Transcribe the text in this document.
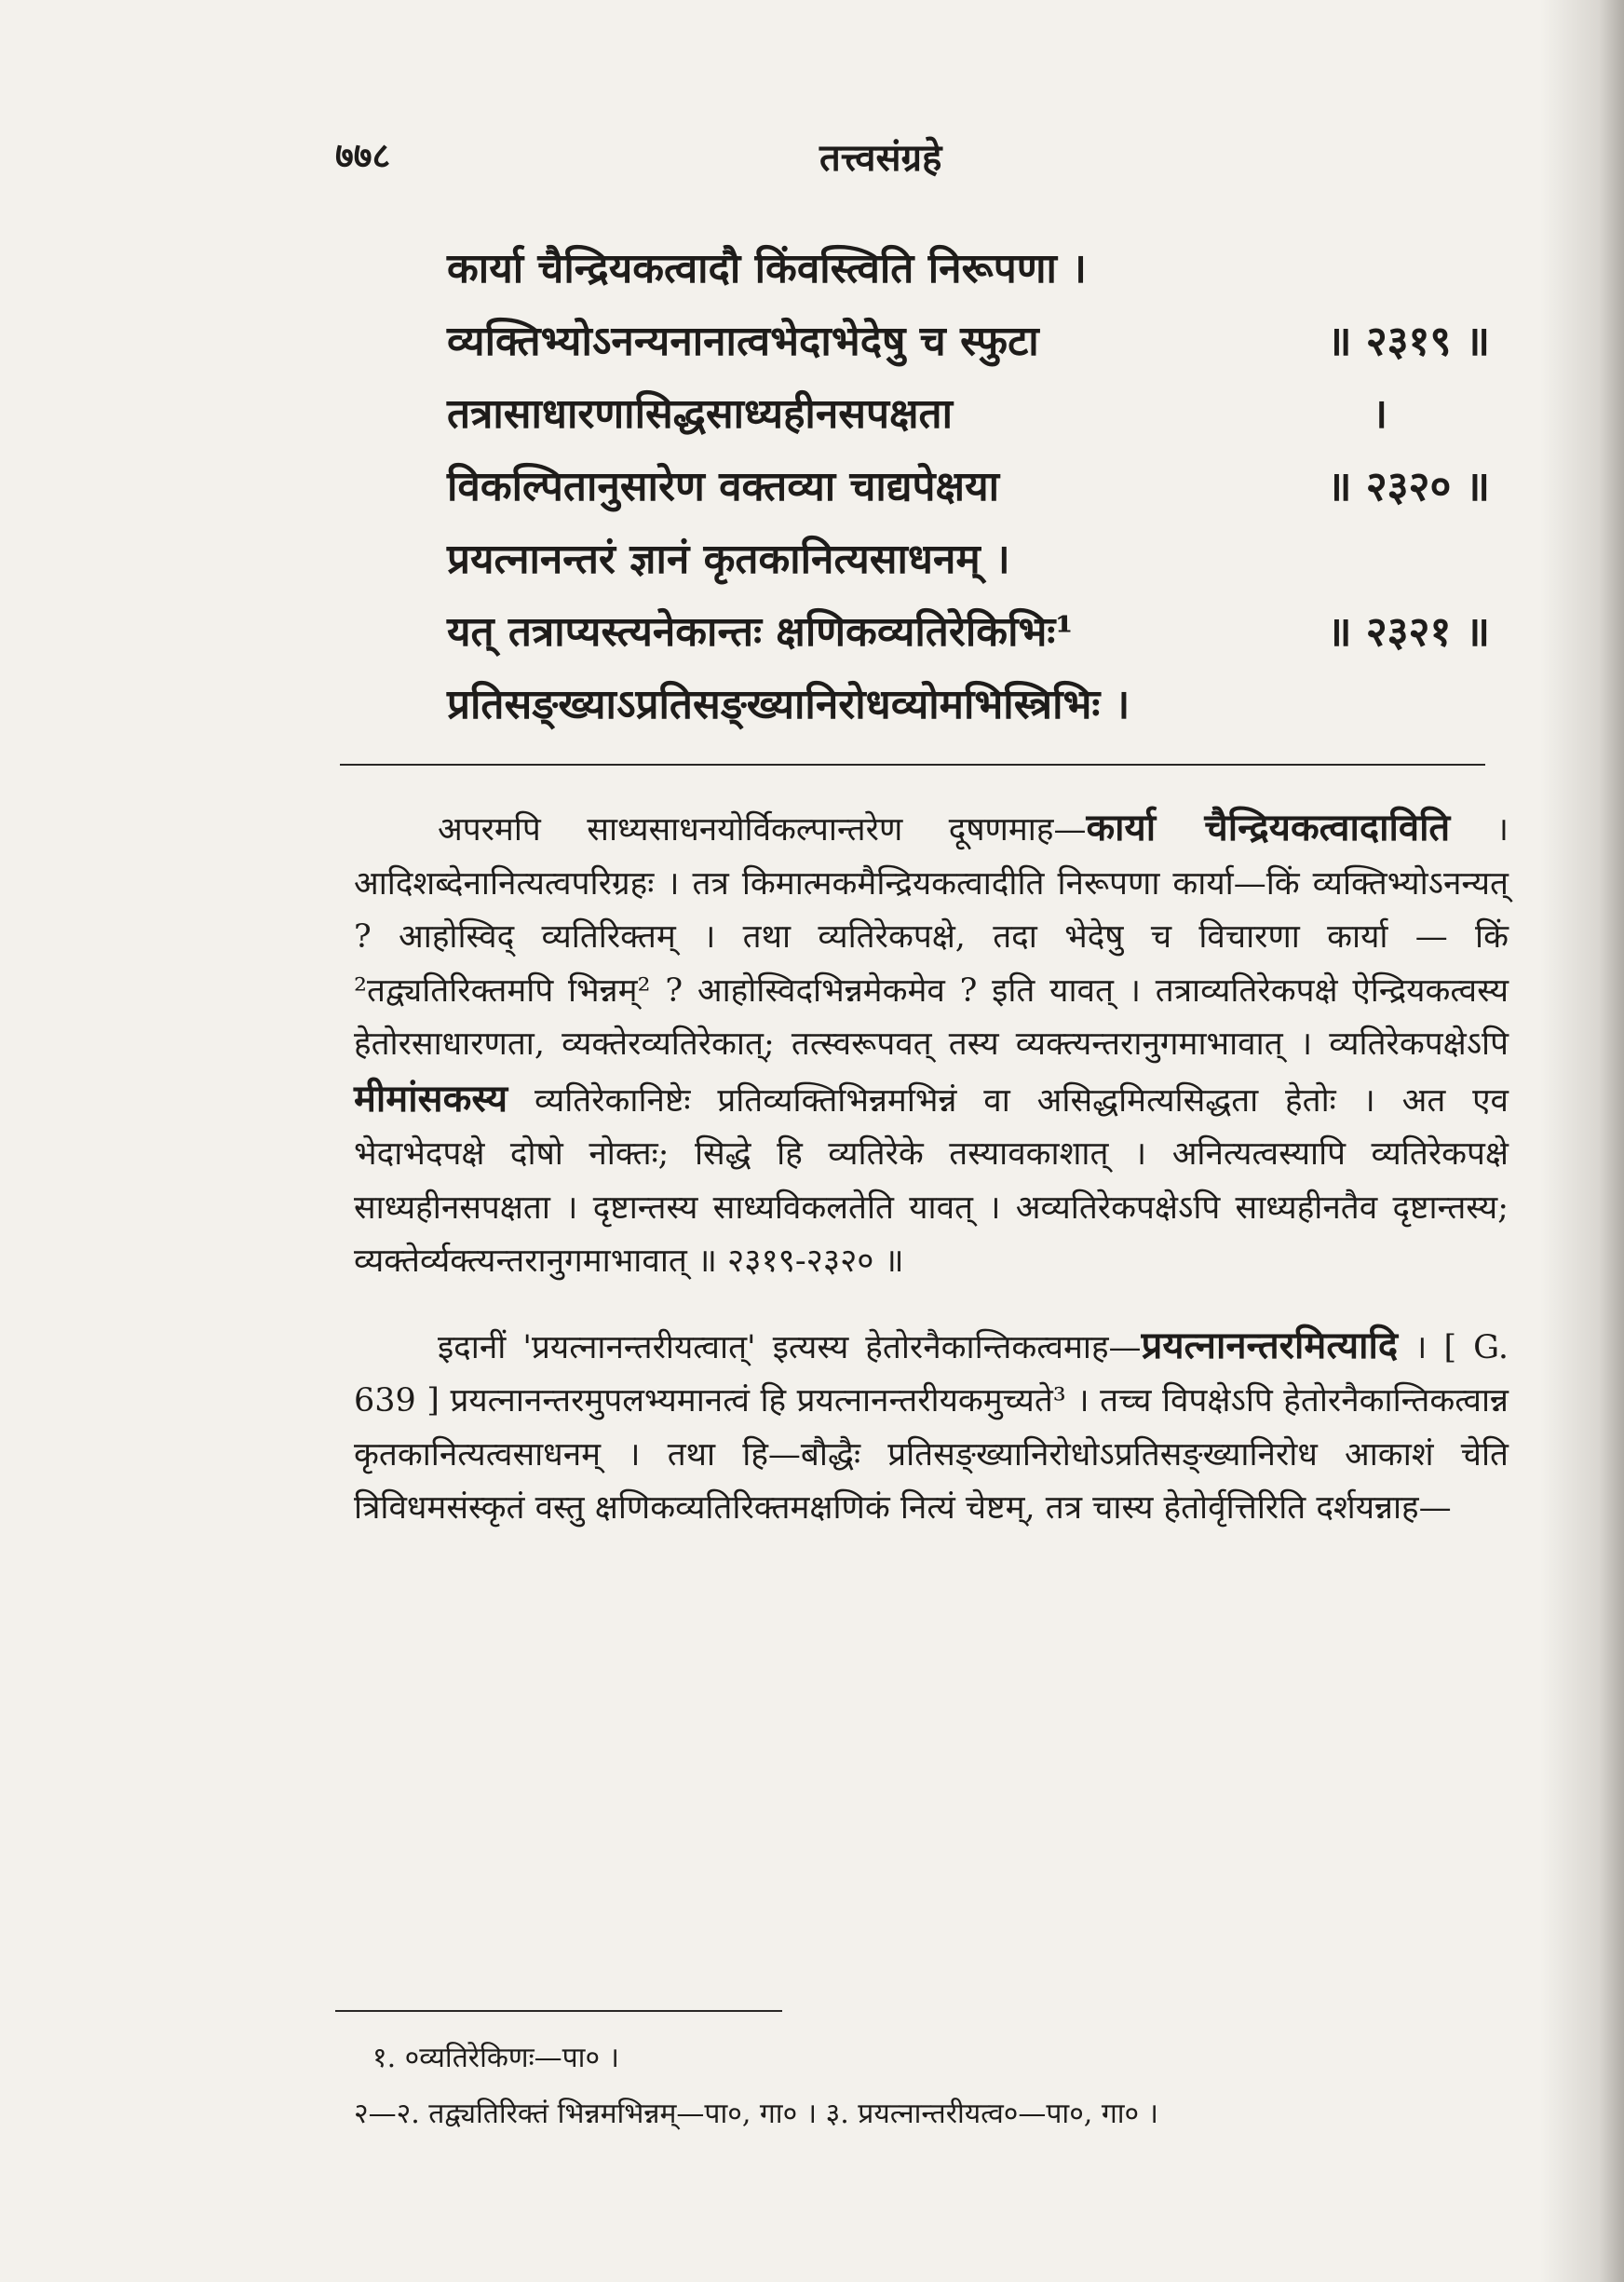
७७८	तत्त्वसंग्रहे
कार्या चैन्द्रियकत्वादौ किंवस्त्विति निरूपणा ।
व्यक्तिभ्योऽनन्यनानात्वभेदाभेदेषु च स्फुटा	॥ २३१९ ॥
तत्रासाधारणासिद्धसाध्यहीनसपक्षता	।
विकल्पितानुसारेण वक्तव्या चाद्यपेक्षया	॥ २३२० ॥
प्रयत्नानन्तरं ज्ञानं कृतकानित्यसाधनम् ।
यत् तत्राप्यस्त्यनेकान्तः क्षणिकव्यतिरेकिभिः¹	॥ २३२१ ॥
प्रतिसङ्ख्याऽप्रतिसङ्ख्यानिरोधव्योमभिस्त्रिभिः ।

अपरमपि साध्यसाधनयोर्विकल्पान्तरेण दूषणमाह—कार्या चैन्द्रियकत्वादाविति । आदिशब्देनानित्यत्वपरिग्रहः । तत्र किमात्मकमैन्द्रियकत्वादीति निरूपणा कार्या—किं व्यक्तिभ्योऽनन्यत् ? आहोस्विद् व्यतिरिक्तम् । तथा व्यतिरेकपक्षे, तदा भेदेषु च विचारणा कार्या — किं ²तद्व्यतिरिक्तमपि भिन्नम्² ? आहोस्विदभिन्नमेकमेव ? इति यावत् । तत्राव्यतिरेकपक्षे ऐन्द्रियकत्वस्य हेतोरसाधारणता, व्यक्तेरव्यतिरेकात्; तत्स्वरूपवत् तस्य व्यक्त्यन्तरानुगमाभावात् । व्यतिरेकपक्षेऽपि मीमांसकस्य व्यतिरेकानिष्टेः प्रतिव्यक्तिभिन्नमभिन्नं वा असिद्धमित्यसिद्धता हेतोः । अत एव भेदाभेदपक्षे दोषो नोक्तः; सिद्धे हि व्यतिरेके तस्यावकाशात् । अनित्यत्वस्यापि व्यतिरेकपक्षे साध्यहीनसपक्षता । दृष्टान्तस्य साध्यविकलतेति यावत् । अव्यतिरेकपक्षेऽपि साध्यहीनतैव दृष्टान्तस्य; व्यक्तेर्व्यक्त्यन्तरानुगमाभावात् ॥ २३१९-२३२० ॥

इदानीं 'प्रयत्नानन्तरीयत्वात्' इत्यस्य हेतोरनैकान्तिकत्वमाह—प्रयत्नानन्तरमित्यादि । [ G. 639 ] प्रयत्नानन्तरमुपलभ्यमानत्वं हि प्रयत्नानन्तरीयकमुच्यते³ । तच्च विपक्षेऽपि हेतोरनैकान्तिकत्वान्न कृतकानित्यत्वसाधनम् । तथा हि—बौद्धैः प्रतिसङ्ख्यानिरोधोऽप्रतिसङ्ख्यानिरोध आकाशं चेति त्रिविधमसंस्कृतं वस्तु क्षणिकव्यतिरिक्तमक्षणिकं नित्यं चेष्टम्, तत्र चास्य हेतोर्वृत्तिरिति दर्शयन्नाह—

१. ०व्यतिरेकिणः—पा० ।
२—२. तद्व्यतिरिक्तं भिन्नमभिन्नम्—पा०, गा० । ३. प्रयत्नान्तरीयत्व०—पा०, गा० ।
